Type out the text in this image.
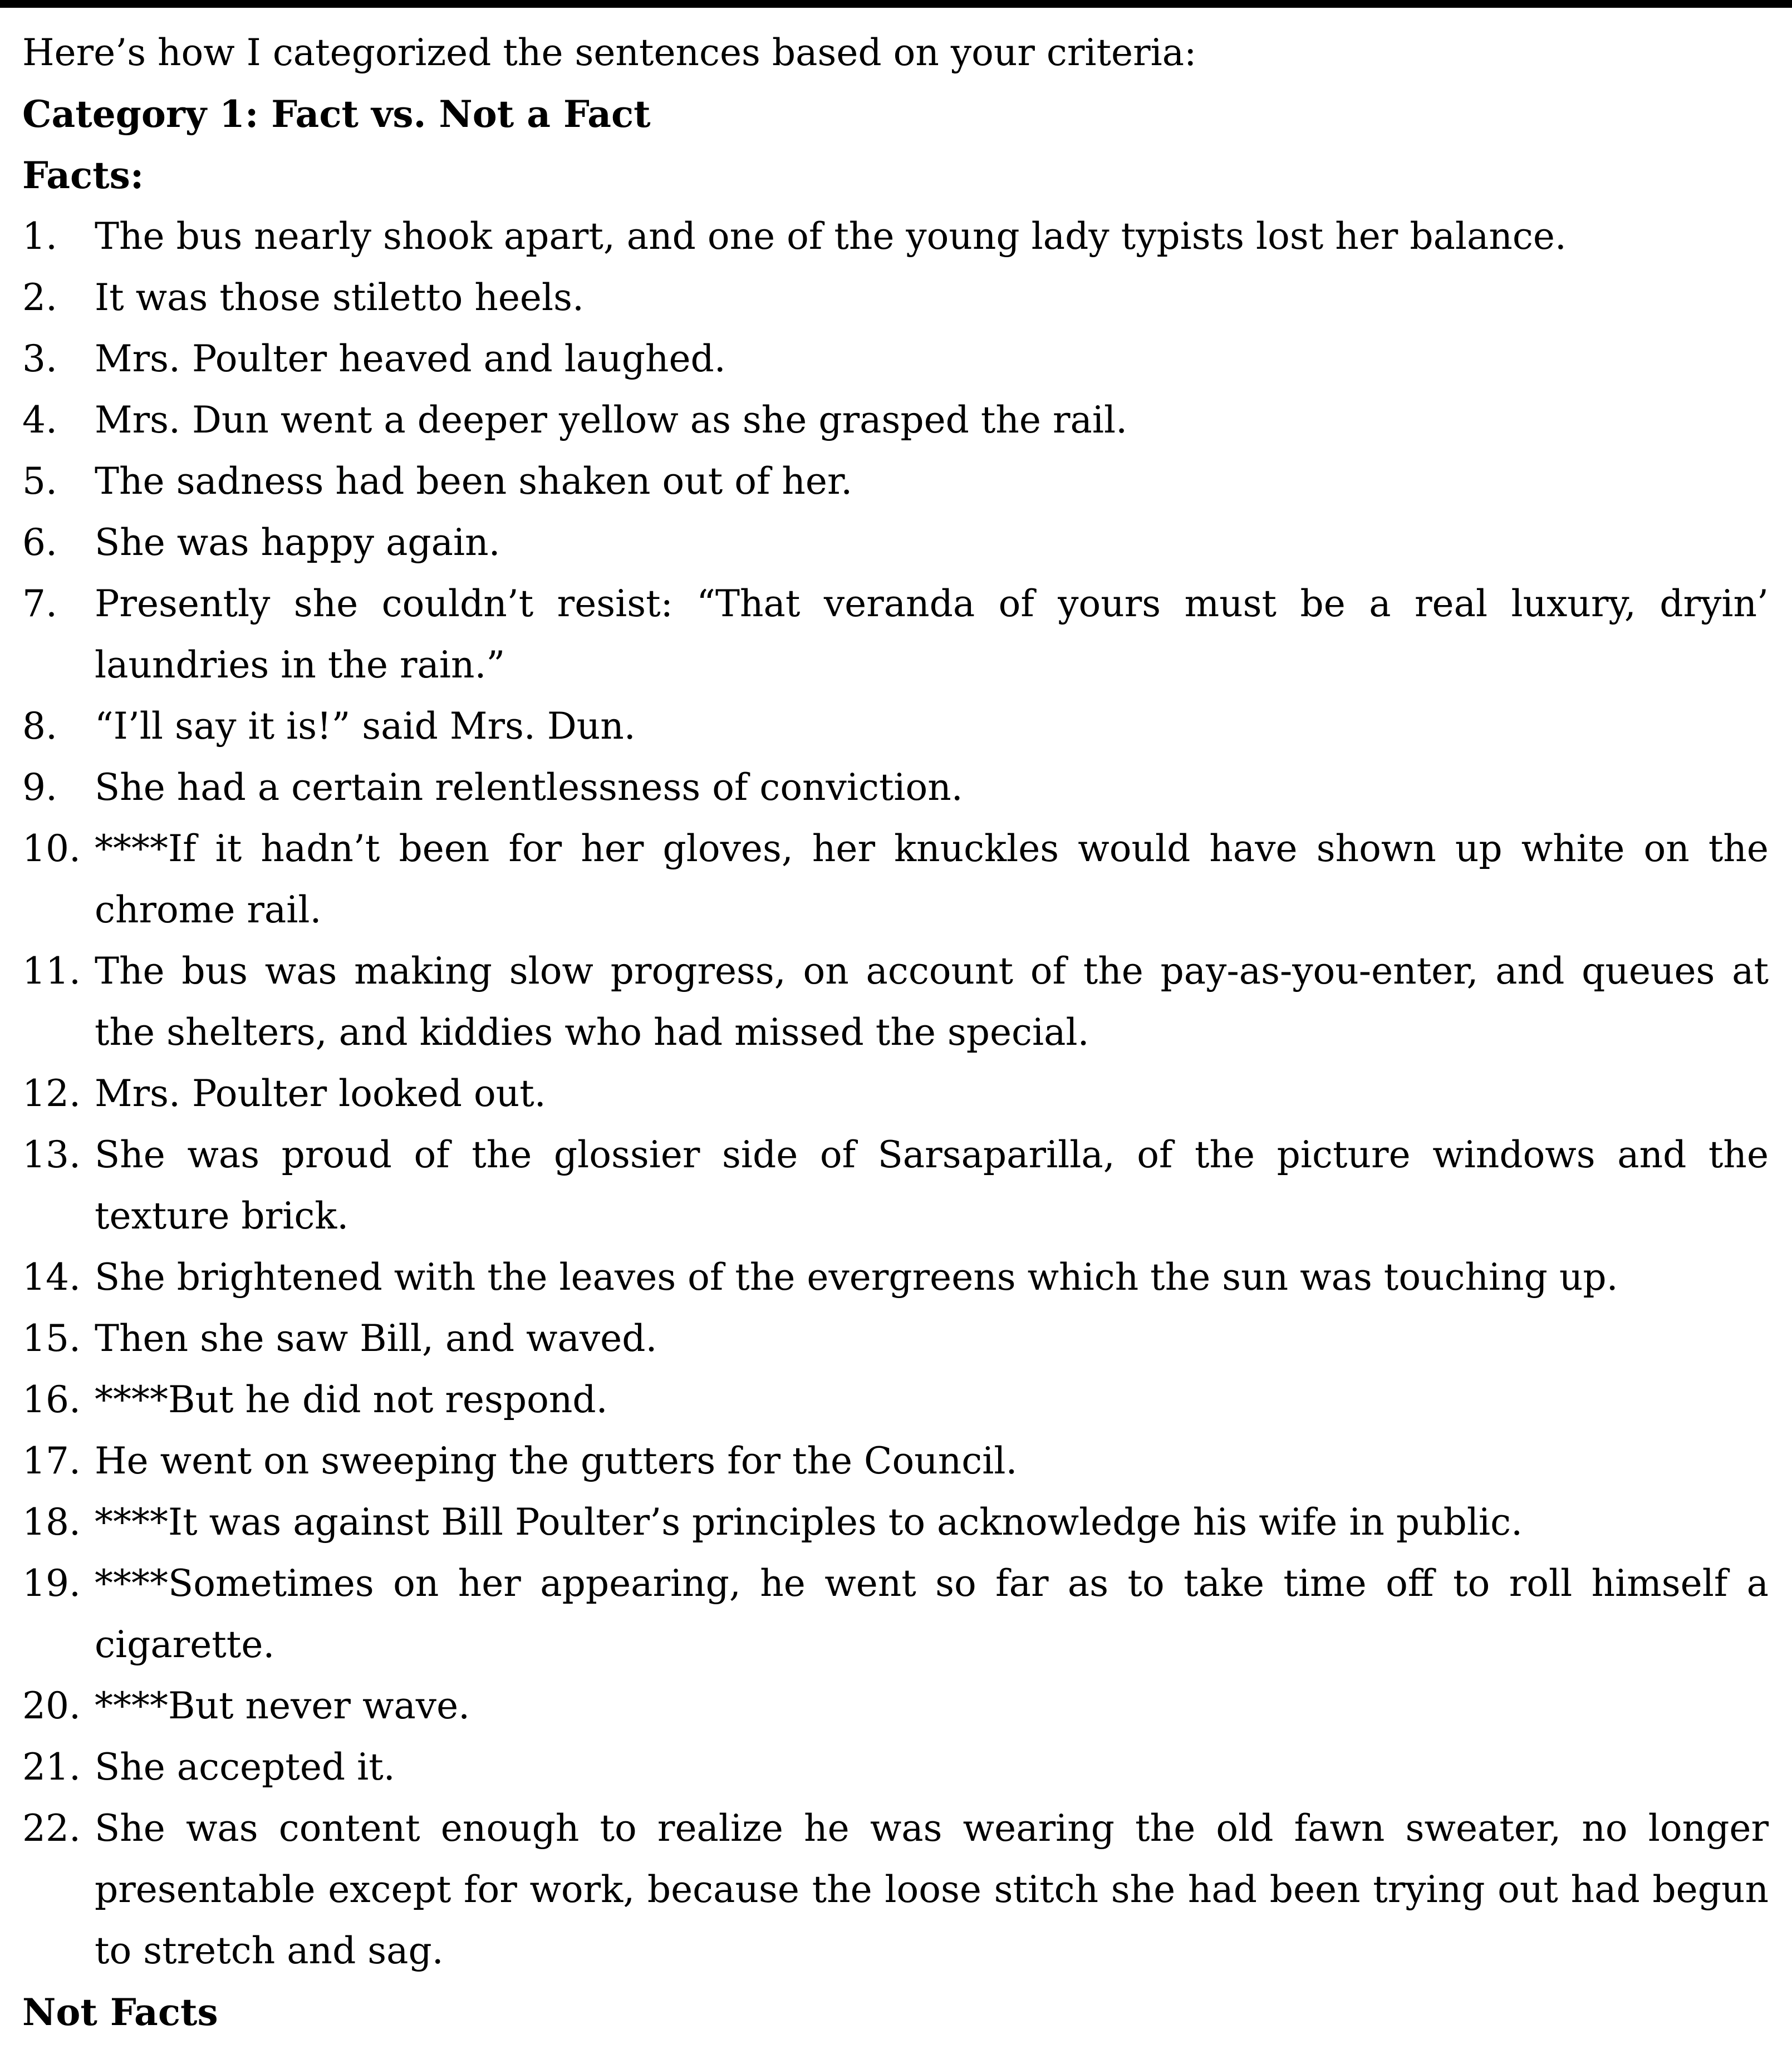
Here’s how I categorized the sentences based on your criteria:

Category 1: Fact vs. Not a Fact

Facts:

1.	The bus nearly shook apart, and one of the young lady typists lost her balance.
2.	It was those stiletto heels.
3.	Mrs. Poulter heaved and laughed.
4.	Mrs. Dun went a deeper yellow as she grasped the rail.
5.	The sadness had been shaken out of her.
6.	She was happy again.
7.	Presently she couldn’t resist: “That veranda of yours must be a real luxury, dryin’ laundries in the rain.”
8.	“I’ll say it is!” said Mrs. Dun.
9.	She had a certain relentlessness of conviction.
10. ****If it hadn’t been for her gloves, her knuckles would have shown up white on the chrome rail.
11. The bus was making slow progress, on account of the pay-as-you-enter, and queues at the shelters, and kiddies who had missed the special.
12. Mrs. Poulter looked out.
13. She was proud of the glossier side of Sarsaparilla, of the picture windows and the texture brick.
14. She brightened with the leaves of the evergreens which the sun was touching up.
15. Then she saw Bill, and waved.
16. ****But he did not respond.
17. He went on sweeping the gutters for the Council.
18. ****It was against Bill Poulter’s principles to acknowledge his wife in public.
19. ****Sometimes on her appearing, he went so far as to take time off to roll himself a cigarette.
20. ****But never wave.
21. She accepted it.
22. She was content enough to realize he was wearing the old fawn sweater, no longer presentable except for work, because the loose stitch she had been trying out had begun to stretch and sag.

Not Facts
